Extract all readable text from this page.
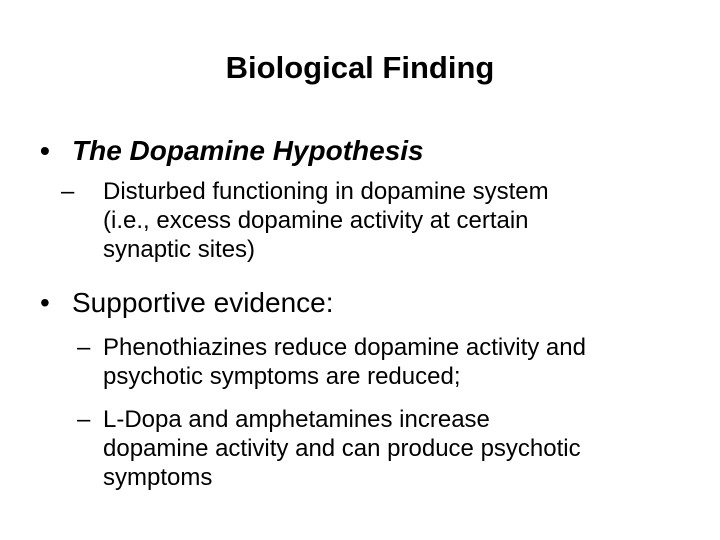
Biological Finding
• The Dopamine Hypothesis
– Disturbed functioning in dopamine system
(i.e., excess dopamine activity at certain
synaptic sites)
• Supportive evidence:
– Phenothiazines reduce dopamine activity and
psychotic symptoms are reduced;
– L-Dopa and amphetamines increase
dopamine activity and can produce psychotic
symptoms
